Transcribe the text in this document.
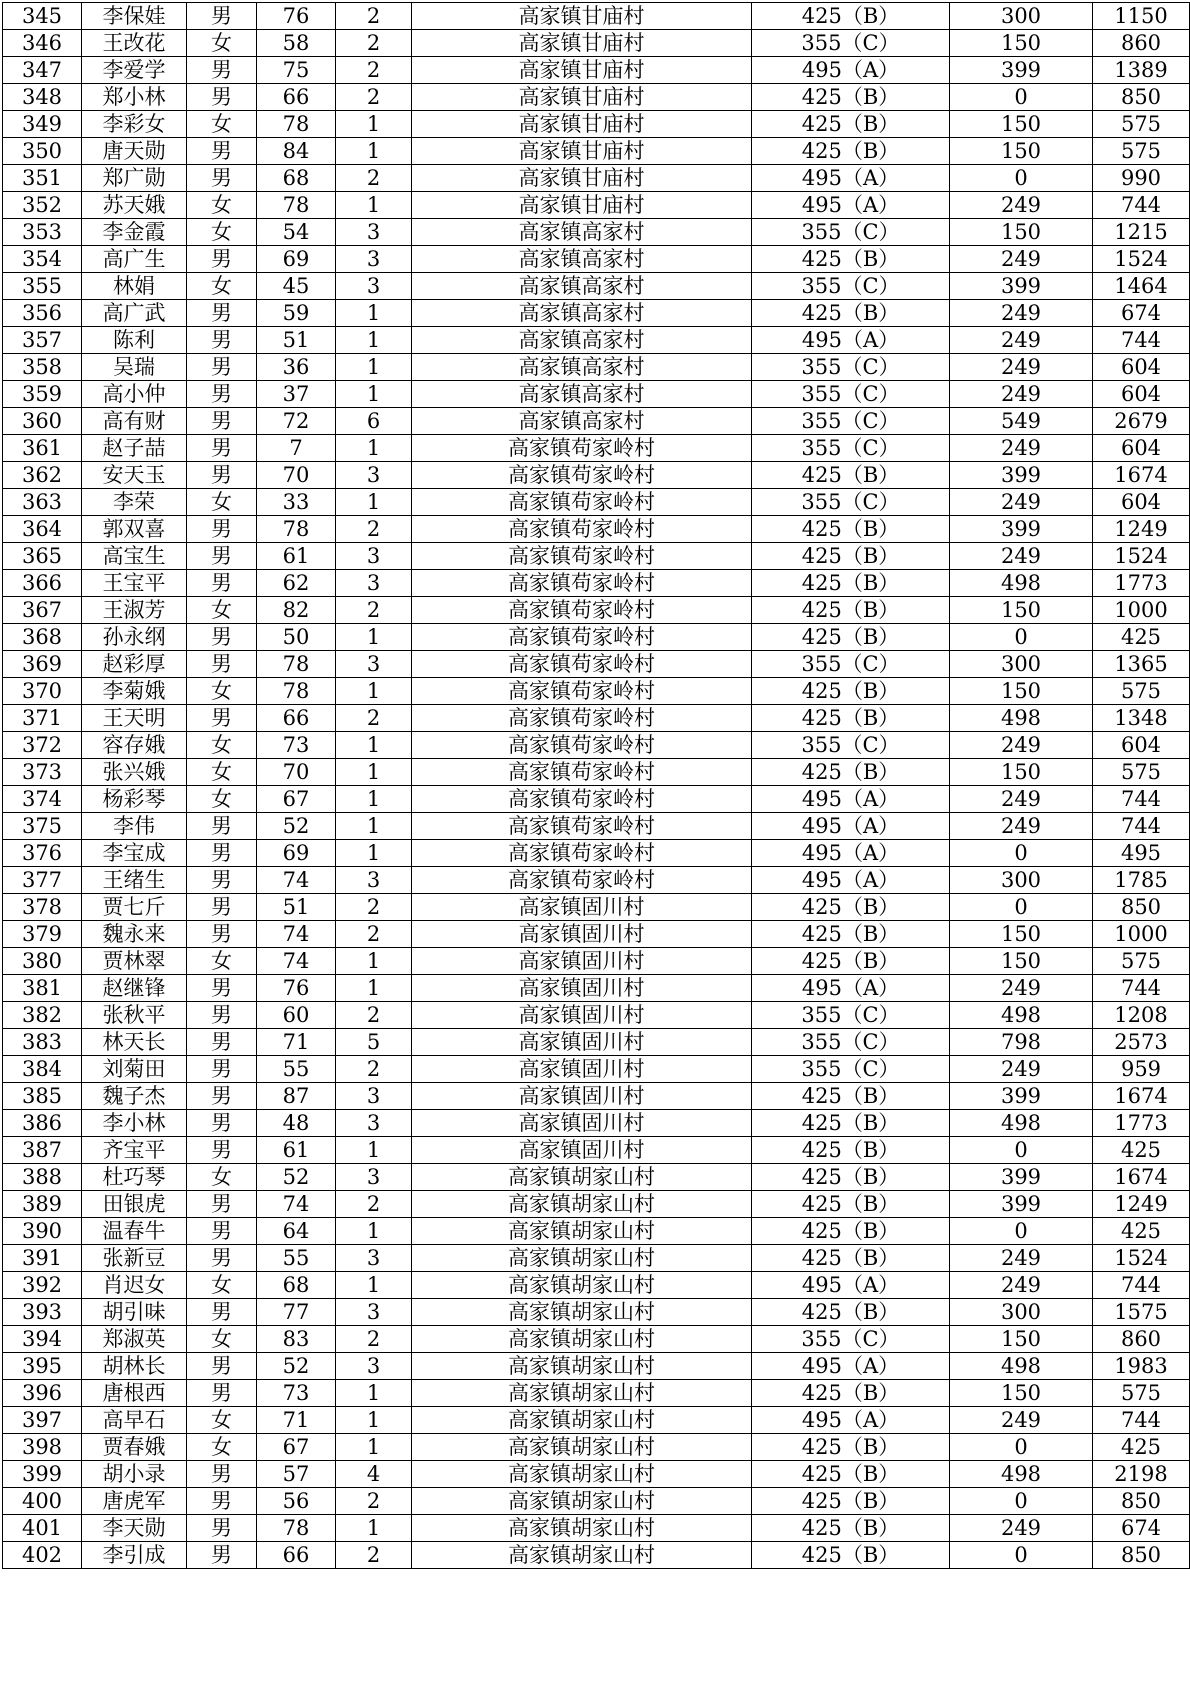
345	李保娃	男	76	2	高家镇甘庙村	425（B）	300	1150
346	王改花	女	58	2	高家镇甘庙村	355（C）	150	860
347	李爱学	男	75	2	高家镇甘庙村	495（A）	399	1389
348	郑小林	男	66	2	高家镇甘庙村	425（B）	0	850
349	李彩女	女	78	1	高家镇甘庙村	425（B）	150	575
350	唐天勋	男	84	1	高家镇甘庙村	425（B）	150	575
351	郑广勋	男	68	2	高家镇甘庙村	495（A）	0	990
352	苏天娥	女	78	1	高家镇甘庙村	495（A）	249	744
353	李金霞	女	54	3	高家镇高家村	355（C）	150	1215
354	高广生	男	69	3	高家镇高家村	425（B）	249	1524
355	林娟	女	45	3	高家镇高家村	355（C）	399	1464
356	高广武	男	59	1	高家镇高家村	425（B）	249	674
357	陈利	男	51	1	高家镇高家村	495（A）	249	744
358	吴瑞	男	36	1	高家镇高家村	355（C）	249	604
359	高小仲	男	37	1	高家镇高家村	355（C）	249	604
360	高有财	男	72	6	高家镇高家村	355（C）	549	2679
361	赵子喆	男	7	1	高家镇苟家岭村	355（C）	249	604
362	安天玉	男	70	3	高家镇苟家岭村	425（B）	399	1674
363	李荣	女	33	1	高家镇苟家岭村	355（C）	249	604
364	郭双喜	男	78	2	高家镇苟家岭村	425（B）	399	1249
365	高宝生	男	61	3	高家镇苟家岭村	425（B）	249	1524
366	王宝平	男	62	3	高家镇苟家岭村	425（B）	498	1773
367	王淑芳	女	82	2	高家镇苟家岭村	425（B）	150	1000
368	孙永纲	男	50	1	高家镇苟家岭村	425（B）	0	425
369	赵彩厚	男	78	3	高家镇苟家岭村	355（C）	300	1365
370	李菊娥	女	78	1	高家镇苟家岭村	425（B）	150	575
371	王天明	男	66	2	高家镇苟家岭村	425（B）	498	1348
372	容存娥	女	73	1	高家镇苟家岭村	355（C）	249	604
373	张兴娥	女	70	1	高家镇苟家岭村	425（B）	150	575
374	杨彩琴	女	67	1	高家镇苟家岭村	495（A）	249	744
375	李伟	男	52	1	高家镇苟家岭村	495（A）	249	744
376	李宝成	男	69	1	高家镇苟家岭村	495（A）	0	495
377	王绪生	男	74	3	高家镇苟家岭村	495（A）	300	1785
378	贾七斤	男	51	2	高家镇固川村	425（B）	0	850
379	魏永来	男	74	2	高家镇固川村	425（B）	150	1000
380	贾林翠	女	74	1	高家镇固川村	425（B）	150	575
381	赵继锋	男	76	1	高家镇固川村	495（A）	249	744
382	张秋平	男	60	2	高家镇固川村	355（C）	498	1208
383	林天长	男	71	5	高家镇固川村	355（C）	798	2573
384	刘菊田	男	55	2	高家镇固川村	355（C）	249	959
385	魏子杰	男	87	3	高家镇固川村	425（B）	399	1674
386	李小林	男	48	3	高家镇固川村	425（B）	498	1773
387	齐宝平	男	61	1	高家镇固川村	425（B）	0	425
388	杜巧琴	女	52	3	高家镇胡家山村	425（B）	399	1674
389	田银虎	男	74	2	高家镇胡家山村	425（B）	399	1249
390	温春牛	男	64	1	高家镇胡家山村	425（B）	0	425
391	张新豆	男	55	3	高家镇胡家山村	425（B）	249	1524
392	肖迟女	女	68	1	高家镇胡家山村	495（A）	249	744
393	胡引味	男	77	3	高家镇胡家山村	425（B）	300	1575
394	郑淑英	女	83	2	高家镇胡家山村	355（C）	150	860
395	胡林长	男	52	3	高家镇胡家山村	495（A）	498	1983
396	唐根西	男	73	1	高家镇胡家山村	425（B）	150	575
397	高早石	女	71	1	高家镇胡家山村	495（A）	249	744
398	贾春娥	女	67	1	高家镇胡家山村	425（B）	0	425
399	胡小录	男	57	4	高家镇胡家山村	425（B）	498	2198
400	唐虎军	男	56	2	高家镇胡家山村	425（B）	0	850
401	李天勋	男	78	1	高家镇胡家山村	425（B）	249	674
402	李引成	男	66	2	高家镇胡家山村	425（B）	0	850
